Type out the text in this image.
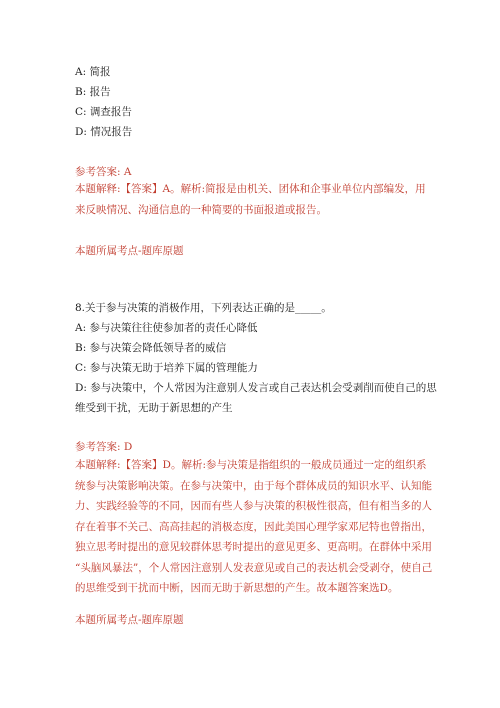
A: 简报
B: 报告
C: 调查报告
D: 情况报告
参考答案: A
本题解释:【答案】A。解析:简报是由机关、团体和企事业单位内部编发，用
来反映情况、沟通信息的一种简要的书面报道或报告。
本题所属考点-题库原题
8.关于参与决策的消极作用，下列表达正确的是_____。
A: 参与决策往往使参加者的责任心降低
B: 参与决策会降低领导者的威信
C: 参与决策无助于培养下属的管理能力
D: 参与决策中，个人常因为注意别人发言或自己表达机会受剥削而使自己的思
维受到干扰，无助于新思想的产生
参考答案: D
本题解释:【答案】D。解析:参与决策是指组织的一般成员通过一定的组织系
统参与决策影响决策。在参与决策中，由于每个群体成员的知识水平、认知能
力、实践经验等的不同，因而有些人参与决策的积极性很高，但有相当多的人
存在着事不关己、高高挂起的消极态度，因此美国心理学家邓尼特也曾指出，
独立思考时提出的意见较群体思考时提出的意见更多、更高明。在群体中采用
“头脑风暴法”，个人常因注意别人发表意见或自己的表达机会受剥夺，使自己
的思维受到干扰而中断，因而无助于新思想的产生。故本题答案选D。
本题所属考点-题库原题
